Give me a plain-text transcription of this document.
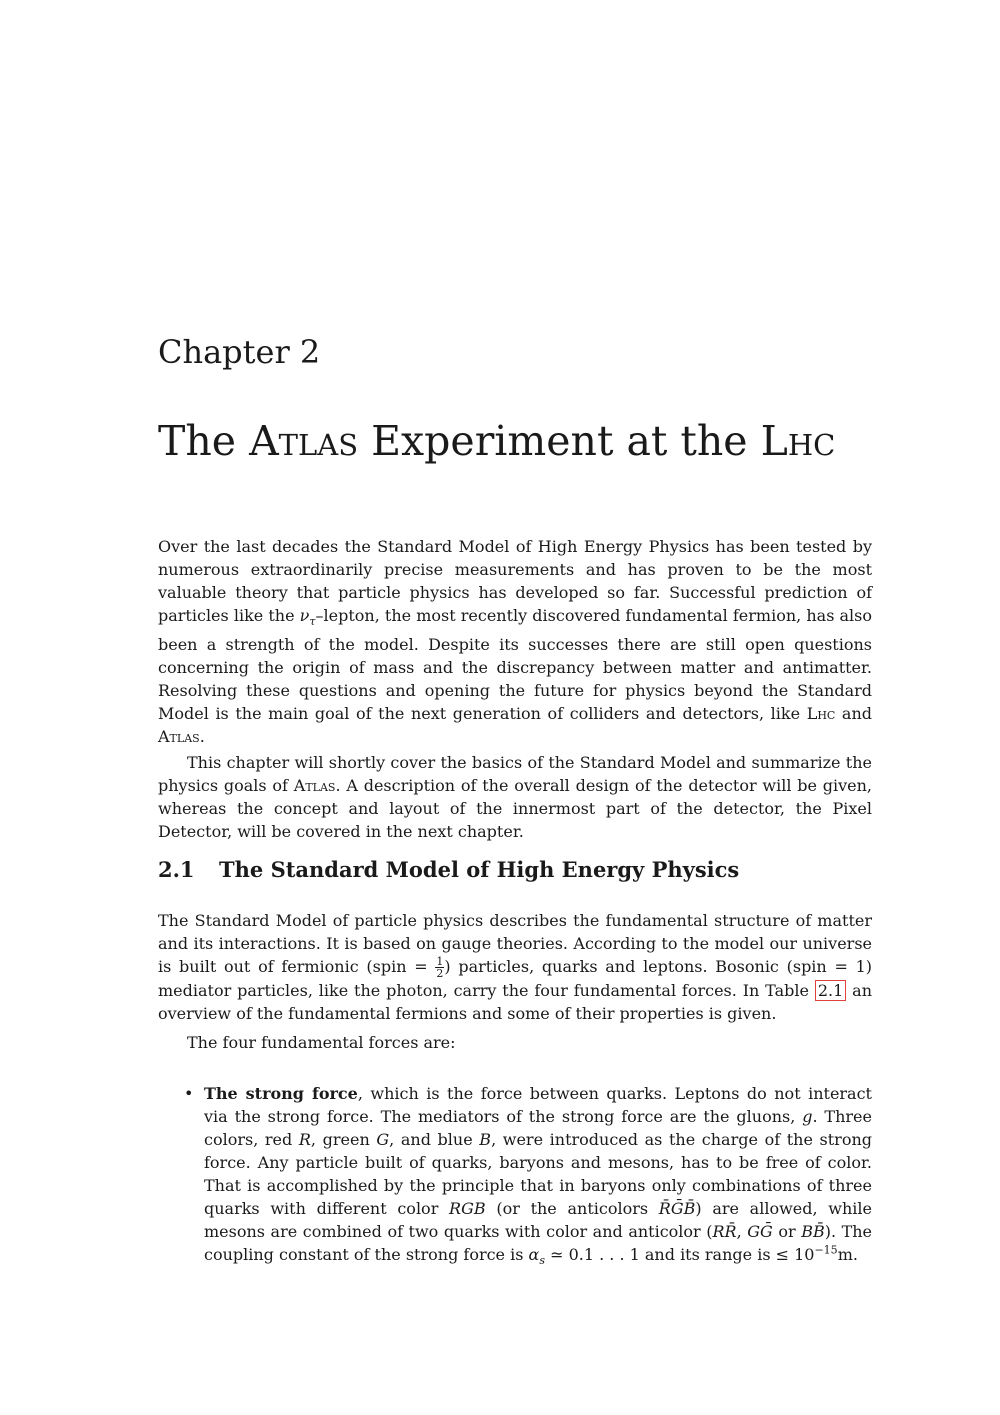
Chapter 2
The Atlas Experiment at the Lhc

Over the last decades the Standard Model of High Energy Physics has been tested by numerous extraordinarily precise measurements and has proven to be the most valuable theory that particle physics has developed so far. Successful prediction of particles like the $\nu_\tau$–lepton, the most recently discovered fundamental fermion, has also been a strength of the model. Despite its successes there are still open questions concerning the origin of mass and the discrepancy between matter and antimatter. Resolving these questions and opening the future for physics beyond the Standard Model is the main goal of the next generation of colliders and detectors, like Lhc and Atlas.

This chapter will shortly cover the basics of the Standard Model and summarize the physics goals of Atlas. A description of the overall design of the detector will be given, whereas the concept and layout of the innermost part of the detector, the Pixel Detector, will be covered in the next chapter.

2.1 The Standard Model of High Energy Physics

The Standard Model of particle physics describes the fundamental structure of matter and its interactions. It is based on gauge theories. According to the model our universe is built out of fermionic (spin = $\frac{1}{2}$ ) particles, quarks and leptons. Bosonic (spin = 1) mediator particles, like the photon, carry the four fundamental forces. In Table 2.1 an overview of the fundamental fermions and some of their properties is given.

The four fundamental forces are:

• The strong force, which is the force between quarks. Leptons do not interact via the strong force. The mediators of the strong force are the gluons, g. Three colors, red R, green G, and blue B, were introduced as the charge of the strong force. Any particle built of quarks, baryons and mesons, has to be free of color. That is accomplished by the principle that in baryons only combinations of three quarks with different color RGB (or the anticolors R̄ḠB̄) are allowed, while mesons are combined of two quarks with color and anticolor (RR̄, GḠ or BB̄). The coupling constant of the strong force is $\alpha_s$ ≃ 0.1 . . . 1 and its range is ≤ $10^{-15}m$.
